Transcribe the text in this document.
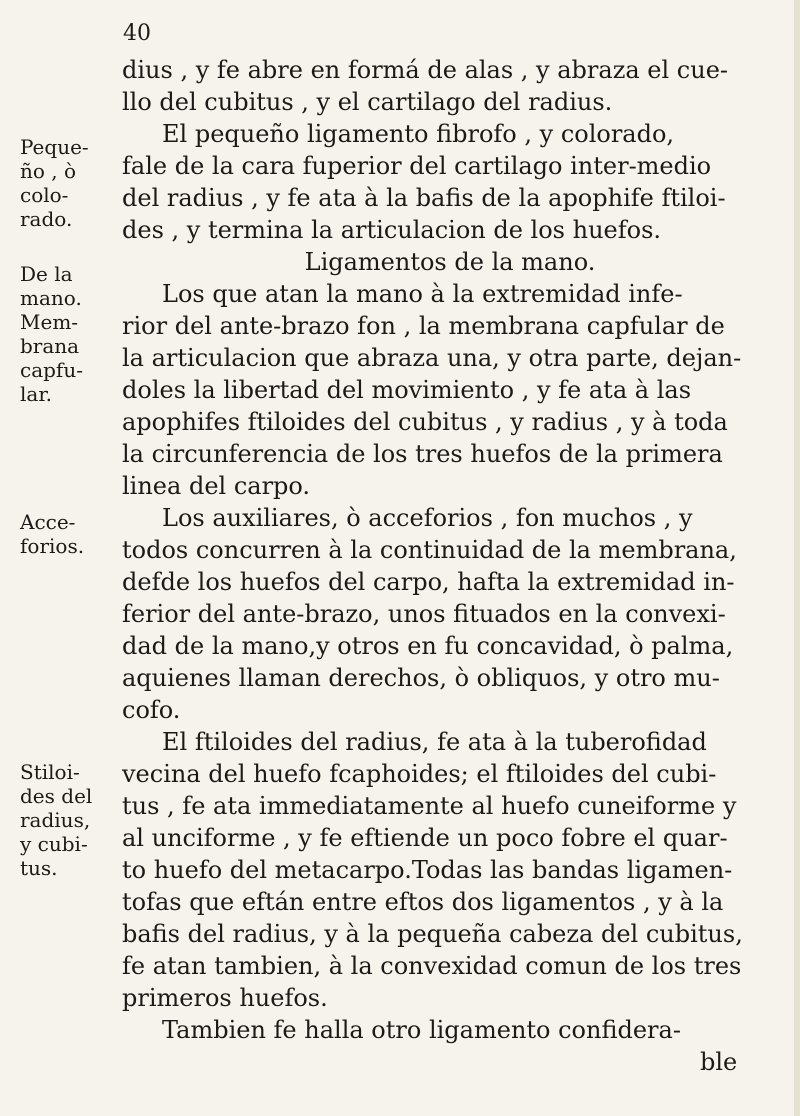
40
Peque-
ño , ò
colo-
rado.
De la
mano.
Mem-
brana
capfu-
lar.
Acce-
forios.
Stiloi-
des del
radius,
y cubi-
tus.
dius , y fe abre en formá de alas , y abraza el cue-
llo del cubitus , y el cartilago del radius.
El pequeño ligamento fibrofo , y colorado,
fale de la cara fuperior del cartilago inter-medio
del radius , y fe ata à la bafis de la apophife ftiloi-
des , y termina la articulacion de los huefos.
Ligamentos de la mano.
Los que atan la mano à la extremidad infe-
rior del ante-brazo fon , la membrana capfular de
la articulacion que abraza una, y otra parte, dejan-
doles la libertad del movimiento , y fe ata à las
apophifes ftiloides del cubitus , y radius , y à toda
la circunferencia de los tres huefos de la primera
linea del carpo.
Los auxiliares, ò acceforios , fon muchos , y
todos concurren à la continuidad de la membrana,
defde los huefos del carpo, hafta la extremidad in-
ferior del ante-brazo, unos fituados en la convexi-
dad de la mano,y otros en fu concavidad, ò palma,
aquienes llaman derechos, ò obliquos, y otro mu-
cofo.
El ftiloides del radius, fe ata à la tuberofidad
vecina del huefo fcaphoides; el ftiloides del cubi-
tus , fe ata immediatamente al huefo cuneiforme y
al unciforme , y fe eftiende un poco fobre el quar-
to huefo del metacarpo.Todas las bandas ligamen-
tofas que eftán entre eftos dos ligamentos , y à la
bafis del radius, y à la pequeña cabeza del cubitus,
fe atan tambien, à la convexidad comun de los tres
primeros huefos.
Tambien fe halla otro ligamento confidera-
ble
